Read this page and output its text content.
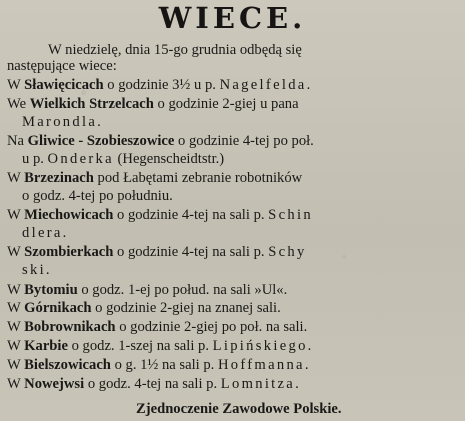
WIECE.
W niedzielę, dnia 15-go grudnia odbędą się
następujące wiece:
W Sławięcicach o godzinie 3½ u p. Nagelfelda.
We Wielkich Strzelcach o godzinie 2-giej u pana
Marondla.
Na Gliwice - Szobieszowice o godzinie 4-tej po poł.
u p. Onderka (Hegenscheidtstr.)
W Brzezinach pod Łabętami zebranie robotników
o godz. 4-tej po południu.
W Miechowicach o godzinie 4-tej na sali p. Schin
dlera.
W Szombierkach o godzinie 4-tej na sali p. Schy
ski.
W Bytomiu o godz. 1-ej po połud. na sali »Ul«.
W Górnikach o godzinie 2-giej na znanej sali.
W Bobrownikach o godzinie 2-giej po poł. na sali.
W Karbie o godz. 1-szej na sali p. Lipińskiego.
W Bielszowicach o g. 1½ na sali p. Hoffmanna.
W Nowejwsi o godz. 4-tej na sali p. Lomnitza.
Zjednoczenie Zawodowe Polskie.
